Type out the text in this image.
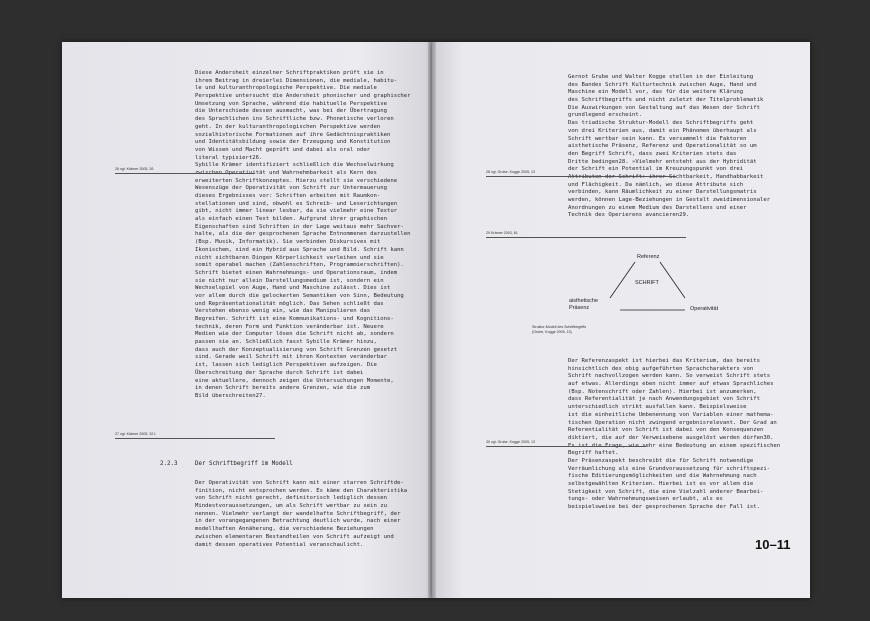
Diese Andersheit einzelner Schriftpraktiken prüft sie in
ihrem Beitrag in dreierlei Dimensionen, die mediale, habitu-
le und kulturanthropologische Perspektive. Die mediale
Perspektive untersucht die Andersheit phonischer und graphischer
Umsetzung von Sprache, während die habituelle Perspektive
die Unterschiede dessen ausmacht, was bei der Übertragung
des Sprachlichen ins Schriftliche bzw. Phonetische verloren
geht. In der kulturanthropologischen Perspektive werden
sozialhistorische Formationen auf ihre Gedächtnispraktiken
und Identitätsbildung sowie der Erzeugung und Konstitution
von Wissen und Macht geprüft und dabei als oral oder
literal typisiert26.
Sybille Krämer identifiziert schließlich die Wechselwirkung
zwischen Operativität und Wahrnehmbarkeit als Kern des
erweiterten Schriftkonzeptes. Hierzu stellt sie verschiedene
Wesenszüge der Operativität von Schrift zur Untermauerung
dieses Ergebnisses vor: Schriften arbeiten mit Raumkon-
stellationen und sind, obwohl es Schreib- und Leserichtungen
gibt, nicht immer linear lesbar, da sie vielmehr eine Textur
als einfach einen Text bilden. Aufgrund ihrer graphischen
Eigenschaften sind Schriften in der Lage weitaus mehr Sachver-
halte, als die der gesprochenen Sprache Entnommenen darzustellen
(Bsp. Musik, Informatik). Sie verbinden Diskursives mit
Ikonischem, sind ein Hybrid aus Sprache und Bild. Schrift kann
nicht sichtbaren Dingen Körperlichkeit verleihen und sie
somit operabel machen (Zahlenschriften, Programmierschriften).
Schrift bietet einen Wahrnehmungs- und Operationsraum, indem
sie nicht nur allein Darstellungsmedium ist, sondern ein
Wechselspiel von Auge, Hand und Maschine zulässt. Dies ist
vor allem durch die gelockerten Semantiken von Sinn, Bedeutung
und Repräsentationalität möglich. Das Sehen schließt das
Verstehen ebenso wenig ein, wie das Manipulieren das
Begreifen. Schrift ist eine Kommunikations- und Kognitions-
technik, deren Form und Funktion veränderbar ist. Neuere
Medien wie der Computer lösen die Schrift nicht ab, sondern
passen sie an. Schließlich fasst Sybille Krämer hinzu,
dass auch der Konzeptualisierung von Schrift Grenzen gesetzt
sind. Gerade weil Schrift mit ihren Kontexten veränderbar
ist, lassen sich lediglich Perspektiven aufzeigen. Die
Überschreitung der Sprache durch Schrift ist dabei
eine aktuellere, dennoch zeigen die Untersuchungen Momente,
in denen Schrift bereits andere Grenzen, wie die zum
Bild überschreiten27.
26 vgl. Krämer 2005, 26
27 vgl. Krämer 2005, 32 f.
2.2.3	Der Schriftbegriff im Modell
Der Operativität von Schrift kann mit einer starren Schriftde-
finition, nicht entsprochen werden. Es käme den Charakteristika
von Schrift nicht gerecht, definitorisch lediglich dessen
Mindestvoraussetzungen, um als Schrift wertbar zu sein zu
nennen. Vielmehr verlangt der wandelhafte Schriftbegriff, der
in der vorangegangenen Betrachtung deutlich wurde, nach einer
modellhaften Annäherung, die verschiedene Beziehungen
zwischen elementaren Bestandteilen von Schrift aufzeigt und
damit dessen operatives Potential veranschaulicht.
Gernot Grube und Walter Kogge stellen in der Einleitung
des Bandes Schrift Kulturtechnik zwischen Auge, Hand und
Maschine ein Modell vor, das für die weitere Klärung
des Schriftbegriffs und nicht zuletzt der Titelproblematik
Die Auswirkungen von Gestaltung auf das Wesen der Schrift
grundlegend erscheint.
Das triadische Struktur-Modell des Schriftbegriffs geht
von drei Kriterien aus, damit ein Phänomen überhaupt als
Schrift wertbar sein kann. Es versammelt die Faktoren
aisthetische Präsenz, Referenz und Operationalität so um
den Begriff Schrift, dass zwei Kriterien stets das
Dritte bedingen28. »Vielmehr entsteht aus der Hybridität
der Schrift ein Potential im Kreuzungspunkt von drei
Attributen der Schrift: ihrer Sichtbarkeit, Handhabbarkeit
und Flächigkeit. Da nämlich, wo diese Attribute sich
verbinden, kann Räumlichkeit zu einer Darstellungsmatrix
werden, können Lage-Beziehungen in Gestalt zweidimensionaler
Anordnungen zu einem Medium des Darstellens und einer
Technik des Operierens avancieren29.
28 vgl. Grube, Kogge 2005, 13
29 Krämer 2003, 61
Referenz
SCHRIFT
aisthetische
Präsenz	Operativität
Struktur-Modell des Schriftbegriffs
(Grube, Kogge 2005, 13)
Der Referenzaspekt ist hierbei das Kriterium, das bereits
hinsichtlich des obig aufgeführten Sprachcharakters von
Schrift nachvollzogen werden kann. So verweist Schrift stets
auf etwas. Allerdings eben nicht immer auf etwas Sprachliches
(Bsp. Notenschrift oder Zahlen). Hierbei ist anzumerken,
dass Referentialität je nach Anwendungsgebiet von Schrift
unterschiedlich strikt ausfallen kann. Beispielsweise
ist die einheitliche Umbenennung von Variablen einer mathema-
tischen Operation nicht zwingend ergebnisrelevant. Der Grad an
Referentialität von Schrift ist dabei von den Konsequenzen
diktiert, die auf der Verweisebene ausgelöst werden dürfen30.
Es ist die Frage, wie sehr eine Bedeutung an einem spezifischen
Begriff haftet.
Der Präsenzaspekt beschreibt die für Schrift notwendige
Verräumlichung als eine Grundvoraussetzung für schriftspezi-
fische Editierungsmöglichkeiten und die Wahrnehmung nach
selbstgewählten Kriterien. Hierbei ist es vor allem die
Stetigkeit von Schrift, die eine Vielzahl anderer Bearbei-
tungs- oder Wahrnehmungsweisen erlaubt, als es
beispielsweise bei der gesprochenen Sprache der Fall ist.
30 vgl. Grube, Kogge 2005, 13
10–11
